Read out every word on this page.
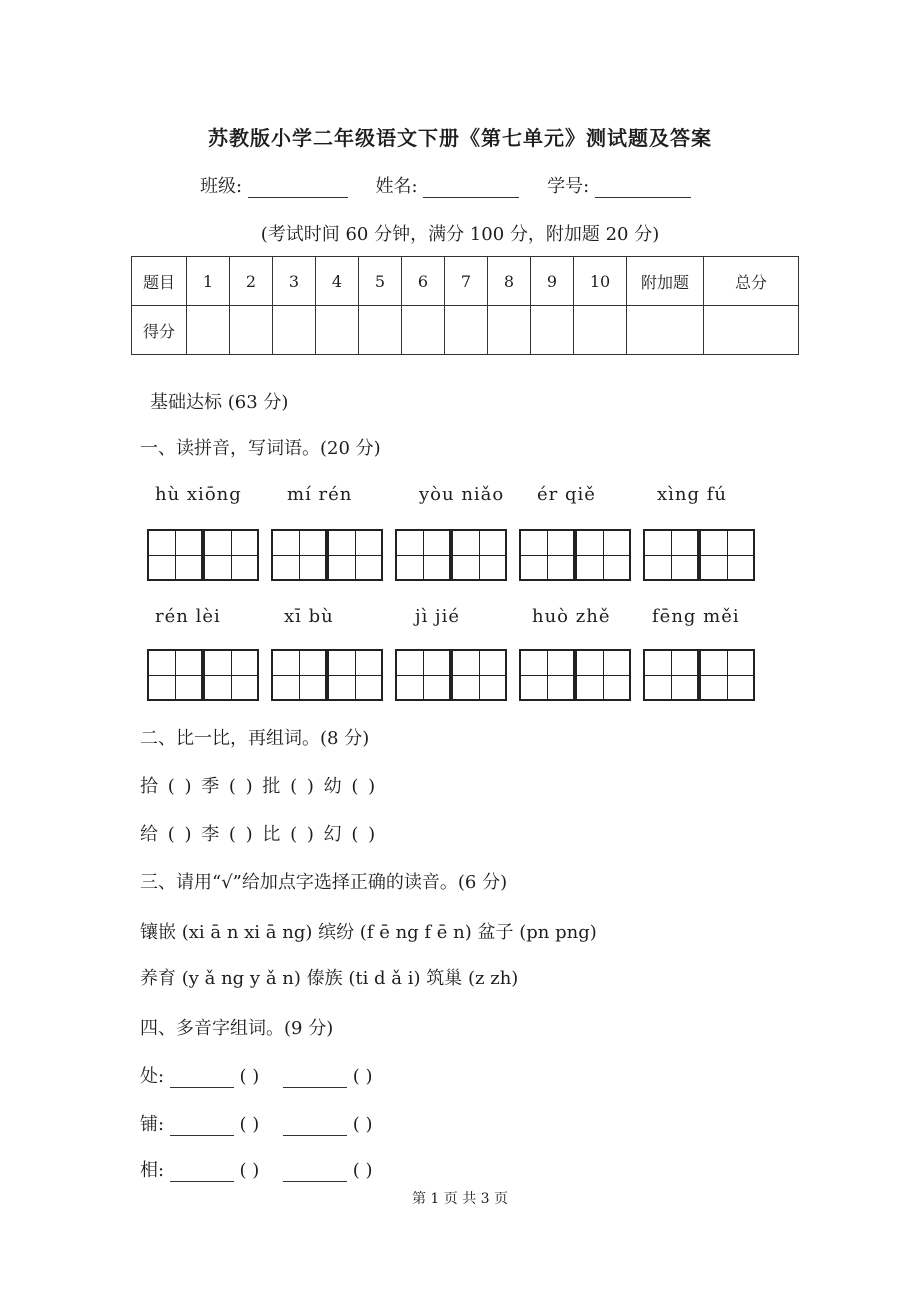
苏教版小学二年级语文下册《第七单元》测试题及答案
班级:	姓名:	学号:
(考试时间 60 分钟，满分 100 分，附加题 20 分)
题目	1	2	3	4	5	6	7	8	9	10	附加题	总分
得分												
基础达标 (63 分)
一、读拼音，写词语。(20 分)
hù xiōng	mí rén	yòu niǎo ér qiě	xìng fú
rén lèi	xī bù	jì jié	huò zhě fēng měi
二、比一比，再组词。(8 分)
拾 ( ) 季 ( ) 批 ( ) 幼 ( )
给 ( ) 李 ( ) 比 ( ) 幻 ( )
三、请用“√”给加点字选择正确的读音。(6 分)
镶嵌 (xi ā n xi ā ng) 缤纷 (f ē ng f ē n) 盆子 (pn png)
养育 (y ǎ ng y ǎ n) 傣族 (ti d ǎ i) 筑巢 (z zh)
四、多音字组词。(9 分)
处:	( )	( )
铺:	( )	( )
相:	( )	( )
第 1 页 共 3 页
